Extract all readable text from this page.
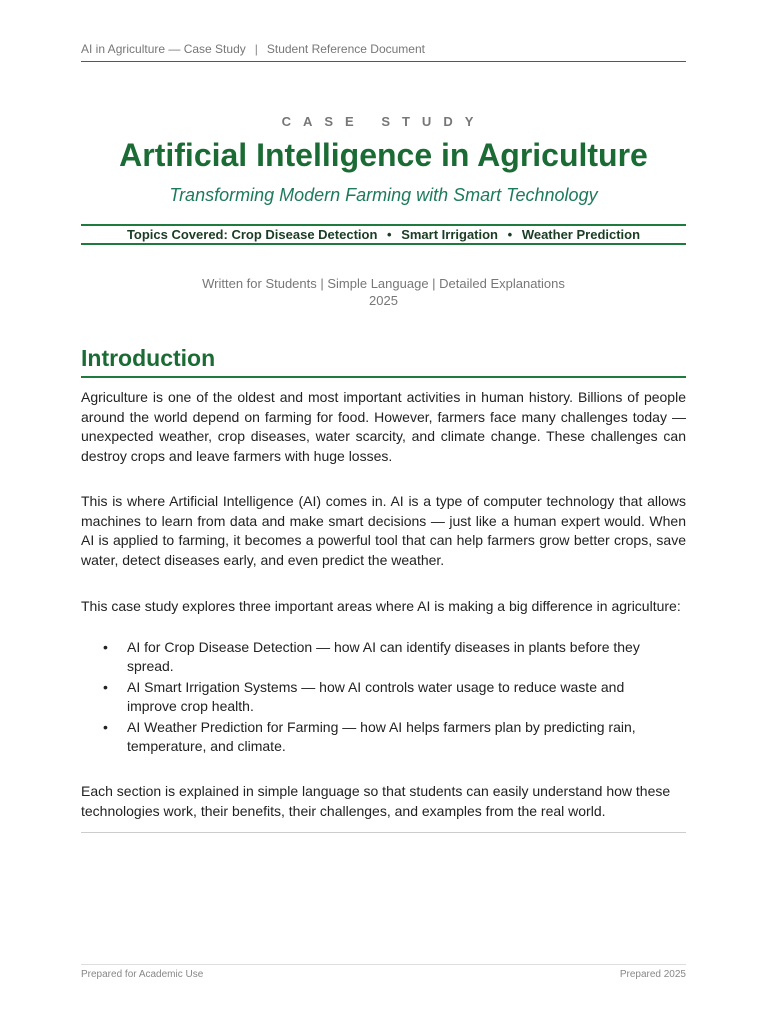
AI in Agriculture — Case Study | Student Reference Document
CASE STUDY
Artificial Intelligence in Agriculture
Transforming Modern Farming with Smart Technology
Topics Covered: Crop Disease Detection • Smart Irrigation • Weather Prediction
Written for Students | Simple Language | Detailed Explanations
2025
Introduction

Agriculture is one of the oldest and most important activities in human history. Billions of people around the world depend on farming for food. However, farmers face many challenges today — unexpected weather, crop diseases, water scarcity, and climate change. These challenges can destroy crops and leave farmers with huge losses.

This is where Artificial Intelligence (AI) comes in. AI is a type of computer technology that allows machines to learn from data and make smart decisions — just like a human expert would. When AI is applied to farming, it becomes a powerful tool that can help farmers grow better crops, save water, detect diseases early, and even predict the weather.

This case study explores three important areas where AI is making a big difference in agriculture:

• AI for Crop Disease Detection — how AI can identify diseases in plants before they spread.
• AI Smart Irrigation Systems — how AI controls water usage to reduce waste and improve crop health.
• AI Weather Prediction for Farming — how AI helps farmers plan by predicting rain, temperature, and climate.

Each section is explained in simple language so that students can easily understand how these technologies work, their benefits, their challenges, and examples from the real world.

Prepared for Academic Use	Prepared 2025
